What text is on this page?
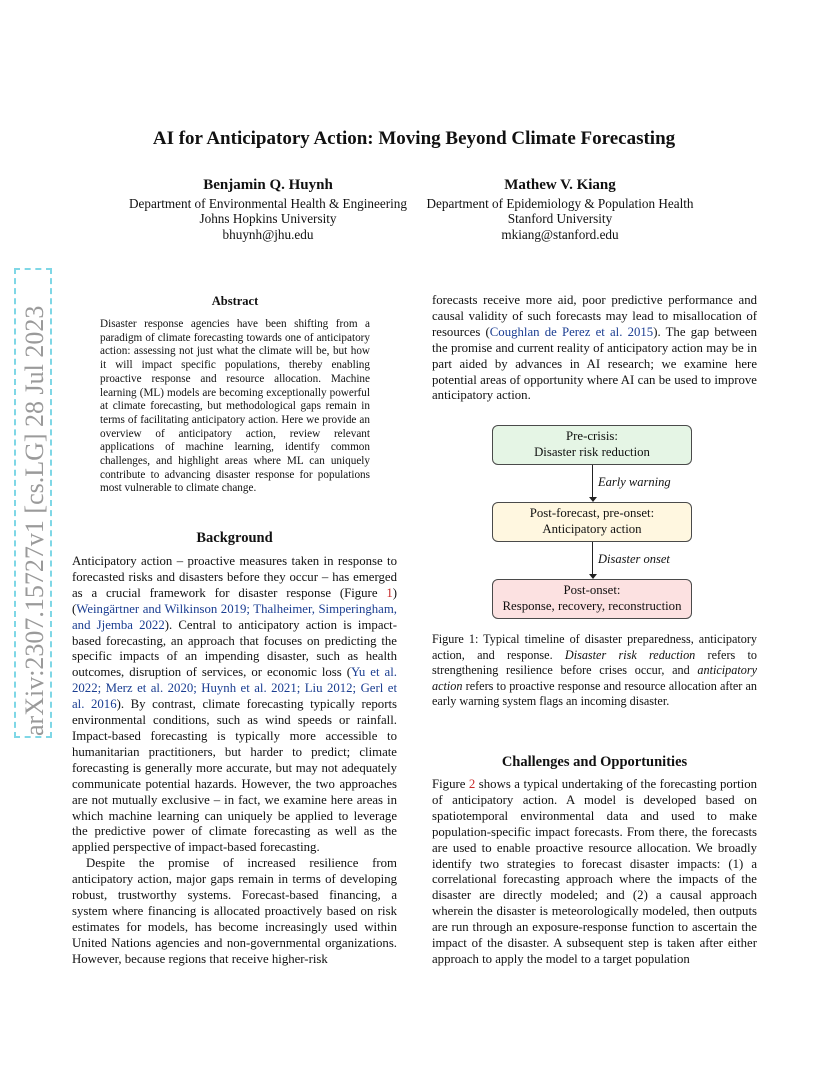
arXiv:2307.15727v1 [cs.LG] 28 Jul 2023
AI for Anticipatory Action: Moving Beyond Climate Forecasting
Benjamin Q. Huynh
Department of Environmental Health & Engineering
Johns Hopkins University
bhuynh@jhu.edu
Mathew V. Kiang
Department of Epidemiology & Population Health
Stanford University
mkiang@stanford.edu
Abstract
Disaster response agencies have been shifting from a paradigm of climate forecasting towards one of anticipatory action: assessing not just what the climate will be, but how it will impact specific populations, thereby enabling proactive response and resource allocation. Machine learning (ML) models are becoming exceptionally powerful at climate forecasting, but methodological gaps remain in terms of facilitating anticipatory action. Here we provide an overview of anticipatory action, review relevant applications of machine learning, identify common challenges, and highlight areas where ML can uniquely contribute to advancing disaster response for populations most vulnerable to climate change.
Background

Anticipatory action – proactive measures taken in response to forecasted risks and disasters before they occur – has emerged as a crucial framework for disaster response (Figure 1) (Weingärtner and Wilkinson 2019; Thalheimer, Simperingham, and Jjemba 2022). Central to anticipatory action is impact-based forecasting, an approach that focuses on predicting the specific impacts of an impending disaster, such as health outcomes, disruption of services, or economic loss (Yu et al. 2022; Merz et al. 2020; Huynh et al. 2021; Liu 2012; Gerl et al. 2016). By contrast, climate forecasting typically reports environmental conditions, such as wind speeds or rainfall. Impact-based forecasting is typically more accessible to humanitarian practitioners, but harder to predict; climate forecasting is generally more accurate, but may not adequately communicate potential hazards. However, the two approaches are not mutually exclusive – in fact, we examine here areas in which machine learning can uniquely be applied to leverage the predictive power of climate forecasting as well as the applied perspective of impact-based forecasting.

Despite the promise of increased resilience from anticipatory action, major gaps remain in terms of developing robust, trustworthy systems. Forecast-based financing, a system where financing is allocated proactively based on risk estimates for models, has become increasingly used within United Nations agencies and non-governmental organizations. However, because regions that receive higher-risk

forecasts receive more aid, poor predictive performance and causal validity of such forecasts may lead to misallocation of resources (Coughlan de Perez et al. 2015). The gap between the promise and current reality of anticipatory action may be in part aided by advances in AI research; we examine here potential areas of opportunity where AI can be used to improve anticipatory action.

Pre-crisis:
Disaster risk reduction
Early warning
Post-forecast, pre-onset:
Anticipatory action
Disaster onset
Post-onset:
Response, recovery, reconstruction
Figure 1: Typical timeline of disaster preparedness, anticipatory action, and response. Disaster risk reduction refers to strengthening resilience before crises occur, and anticipatory action refers to proactive response and resource allocation after an early warning system flags an incoming disaster.
Challenges and Opportunities

Figure 2 shows a typical undertaking of the forecasting portion of anticipatory action. A model is developed based on spatiotemporal environmental data and used to make population-specific impact forecasts. From there, the forecasts are used to enable proactive resource allocation. We broadly identify two strategies to forecast disaster impacts: (1) a correlational forecasting approach where the impacts of the disaster are directly modeled; and (2) a causal approach wherein the disaster is meteorologically modeled, then outputs are run through an exposure-response function to ascertain the impact of the disaster. A subsequent step is taken after either approach to apply the model to a target population
